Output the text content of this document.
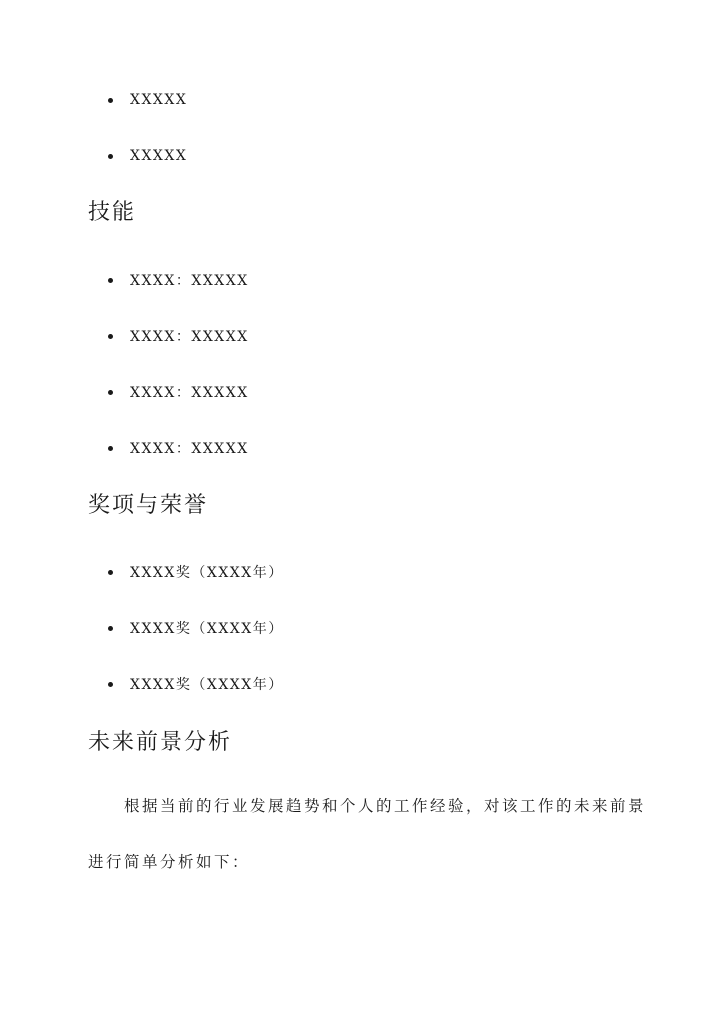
XXXXX
XXXXX
技能
XXXX：XXXXX
XXXX：XXXXX
XXXX：XXXXX
XXXX：XXXXX
奖项与荣誉
XXXX奖（XXXX年）
XXXX奖（XXXX年）
XXXX奖（XXXX年）
未来前景分析

根据当前的行业发展趋势和个人的工作经验，对该工作的未来前景进行简单分析如下：
